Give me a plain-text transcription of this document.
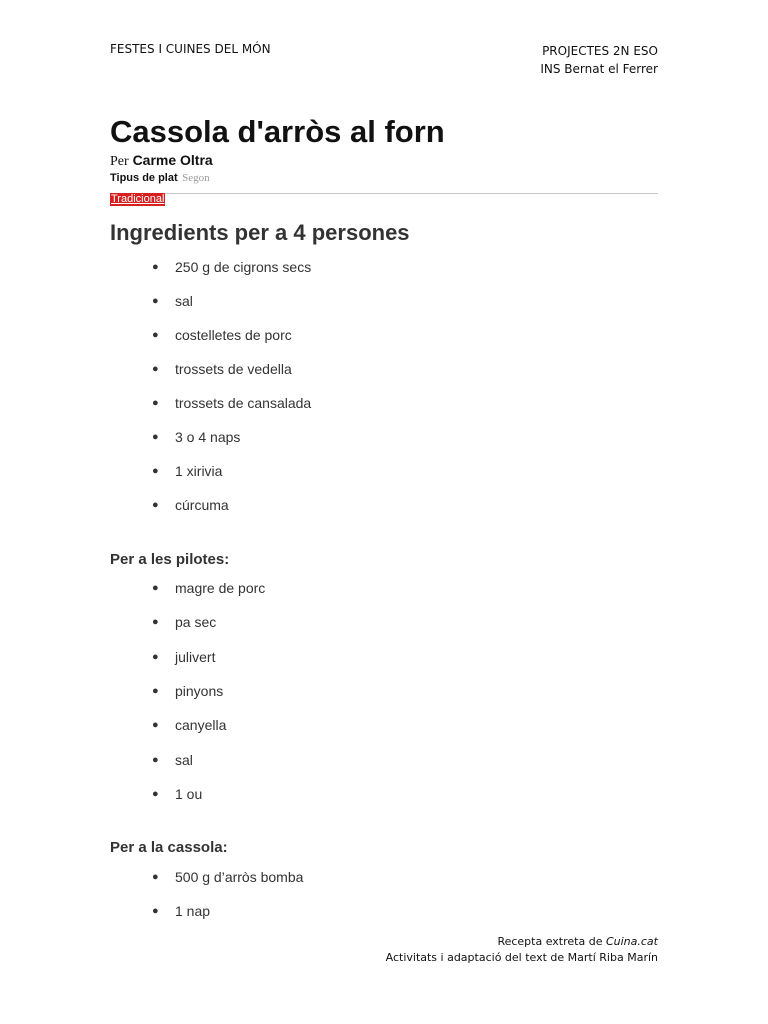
FESTES I CUINES DEL MÓN	PROJECTES 2N ESO
INS Bernat el Ferrer
Cassola d'arròs al forn
Per Carme Oltra
Tipus de plat Segon
Tradicional
Ingredients per a 4 persones
● 250 g de cigrons secs
● sal
● costelletes de porc
● trossets de vedella
● trossets de cansalada
● 3 o 4 naps
● 1 xirivia
● cúrcuma
Per a les pilotes:
● magre de porc
● pa sec
● julivert
● pinyons
● canyella
● sal
● 1 ou
Per a la cassola:
● 500 g d’arròs bomba
● 1 nap
Recepta extreta de Cuina.cat
Activitats i adaptació del text de Martí Riba Marín
